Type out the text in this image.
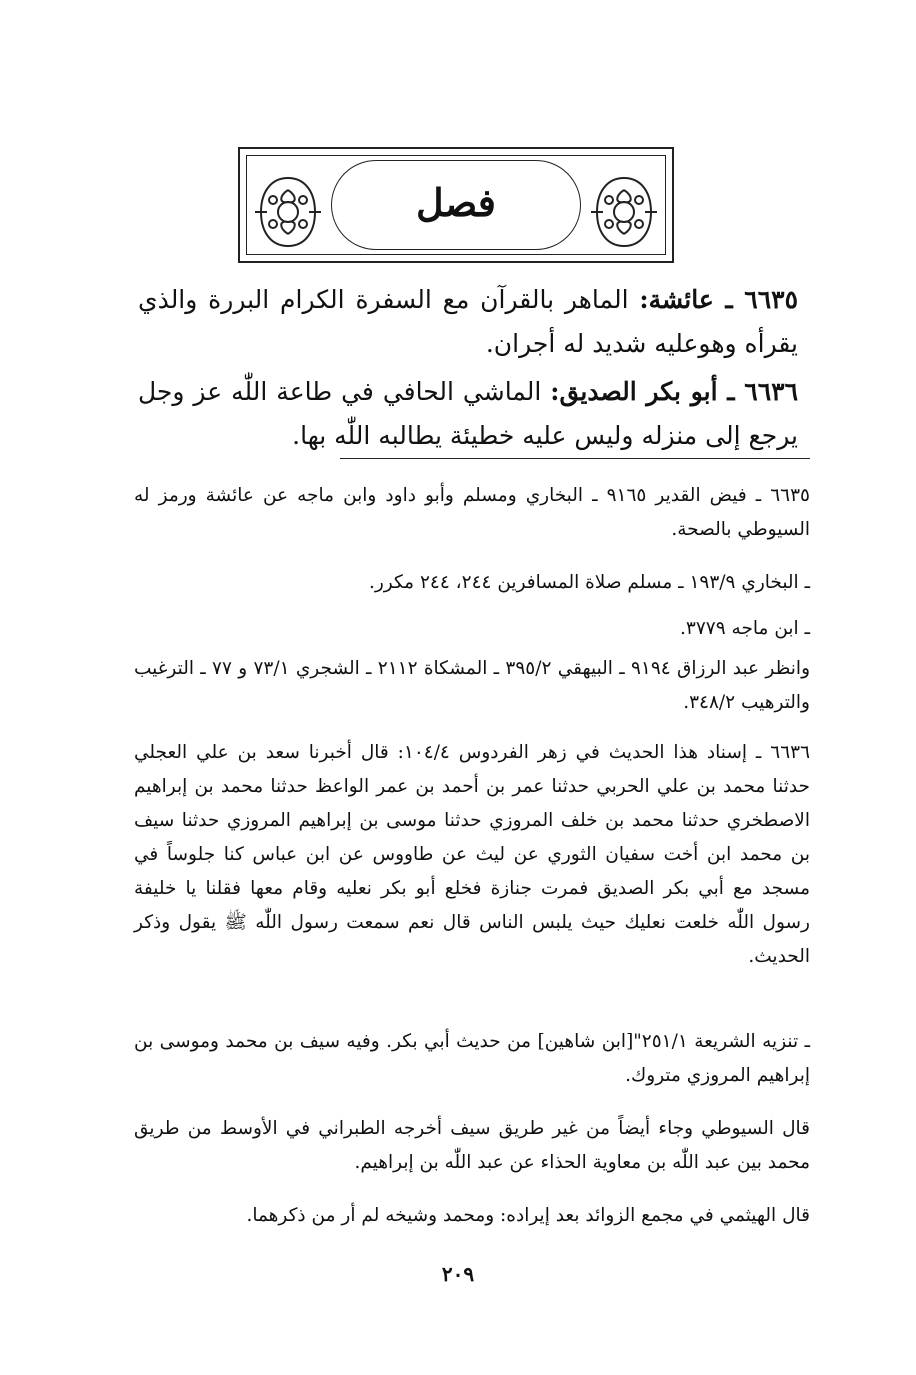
فصل
٦٦٣٥ ـ عائشة: الماهر بالقرآن مع السفرة الكرام البررة والذي يقرأه وهوعليه شديد له أجران.
٦٦٣٦ ـ أبو بكر الصديق: الماشي الحافي في طاعة اللّٰه عز وجل يرجع إلى منزله وليس عليه خطيئة يطالبه اللّٰه بها.
٦٦٣٥ ـ فيض القدير ٩١٦٥ ـ البخاري ومسلم وأبو داود وابن ماجه عن عائشة ورمز له السيوطي بالصحة.
ـ البخاري ١٩٣/٩ ـ مسلم صلاة المسافرين ٢٤٤، ٢٤٤ مكرر.
ـ ابن ماجه ٣٧٧٩.
وانظر عبد الرزاق ٩١٩٤ ـ البيهقي ٣٩٥/٢ ـ المشكاة ٢١١٢ ـ الشجري ٧٣/١ و ٧٧ ـ الترغيب والترهيب ٣٤٨/٢.
٦٦٣٦ ـ إسناد هذا الحديث في زهر الفردوس ١٠٤/٤: قال أخبرنا سعد بن علي العجلي حدثنا محمد بن علي الحربي حدثنا عمر بن أحمد بن عمر الواعظ حدثنا محمد بن إبراهيم الاصطخري حدثنا محمد بن خلف المروزي حدثنا موسى بن إبراهيم المروزي حدثنا سيف بن محمد ابن أخت سفيان الثوري عن ليث عن طاووس عن ابن عباس كنا جلوساً في مسجد مع أبي بكر الصديق فمرت جنازة فخلع أبو بكر نعليه وقام معها فقلنا يا خليفة رسول اللّٰه خلعت نعليك حيث يلبس الناس قال نعم سمعت رسول اللّٰه ﷺ يقول وذكر الحديث.
ـ تنزيه الشريعة ٢٥١/١"[ابن شاهين] من حديث أبي بكر. وفيه سيف بن محمد وموسى بن إبراهيم المروزي متروك.
قال السيوطي وجاء أيضاً من غير طريق سيف أخرجه الطبراني في الأوسط من طريق محمد بين عبد اللّٰه بن معاوية الحذاء عن عبد اللّٰه بن إبراهيم.
قال الهيثمي في مجمع الزوائد بعد إيراده: ومحمد وشيخه لم أر من ذكرهما.
٢٠٩
